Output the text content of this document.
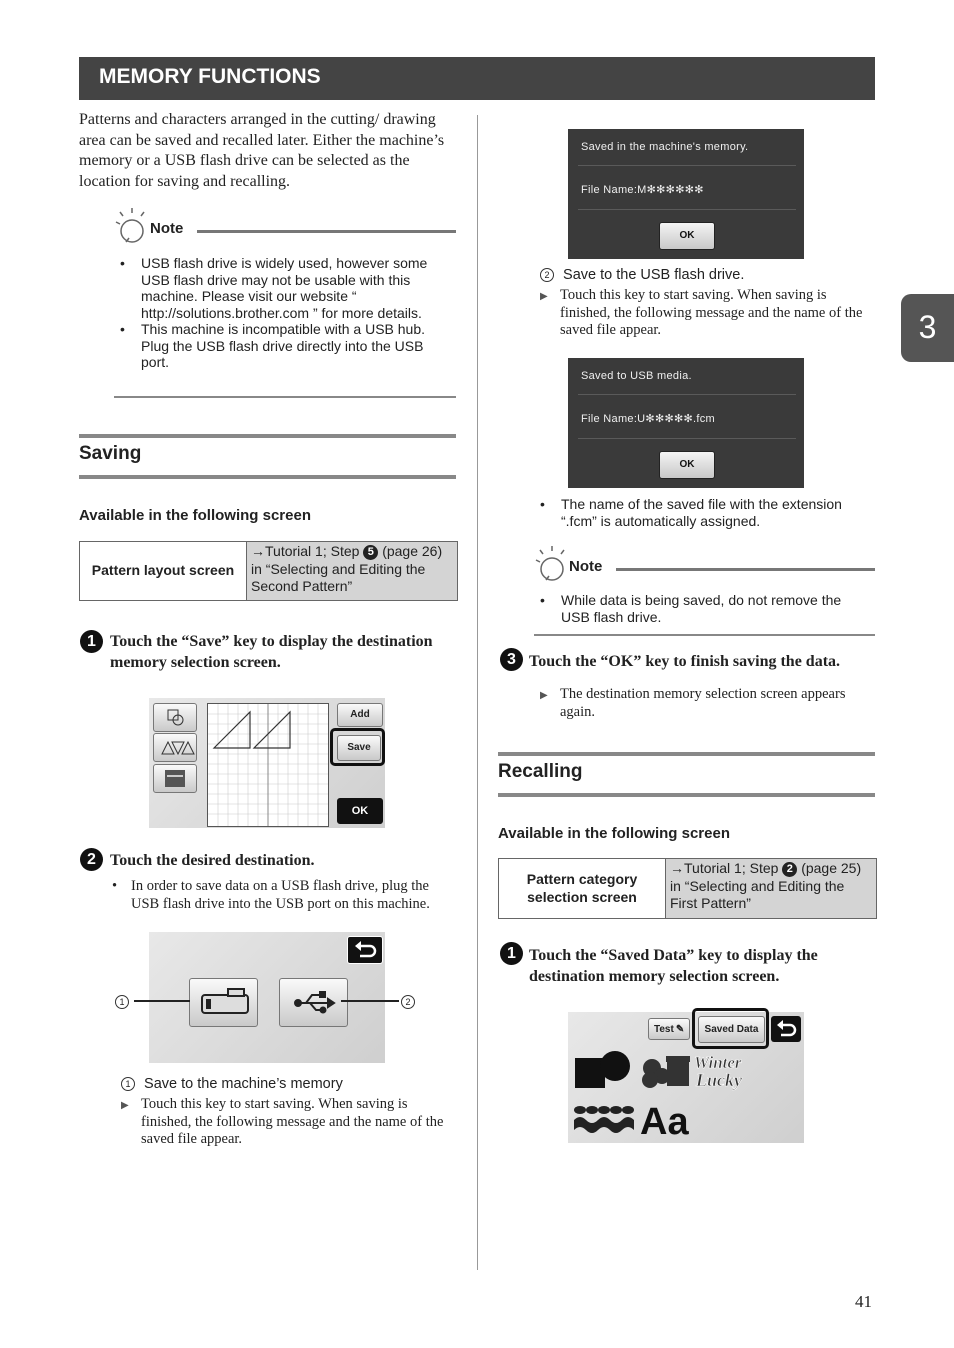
MEMORY FUNCTIONS
3
Patterns and characters arranged in the cutting/ drawing area can be saved and recalled later. Either the machine’s memory or a USB flash drive can be selected as the location for saving and recalling.
Note
• USB flash drive is widely used, however some USB flash drive may not be usable with this machine. Please visit our website “ http://solutions.brother.com ” for more details.
• This machine is incompatible with a USB hub. Plug the USB flash drive directly into the USB port.
Saving
Available in the following screen
Pattern layout screen
→Tutorial 1; Step 5 (page 26) in “Selecting and Editing the Second Pattern”
1 Touch the “Save” key to display the destination memory selection screen.
Add
Save
OK
2 Touch the desired destination.
• In order to save data on a USB flash drive, plug the USB flash drive into the USB port on this machine.
1	2
1 Save to the machine’s memory
▶ Touch this key to start saving. When saving is finished, the following message and the name of the saved file appear.
Saved in the machine's memory.
File Name:M✻✻✻✻✻✻
OK
2 Save to the USB flash drive.
▶ Touch this key to start saving. When saving is finished, the following message and the name of the saved file appear.
Saved to USB media.
File Name:U✻✻✻✻✻.fcm
OK
• The name of the saved file with the extension “.fcm” is automatically assigned.
Note
• While data is being saved, do not remove the USB flash drive.
3 Touch the “OK” key to finish saving the data.
▶ The destination memory selection screen appears again.
Recalling
Available in the following screen
Pattern category selection screen
→Tutorial 1; Step 2 (page 25) in “Selecting and Editing the First Pattern”
1 Touch the “Saved Data” key to display the destination memory selection screen.
Test ✎	Saved Data
Winter
Lucky
Aa
41
